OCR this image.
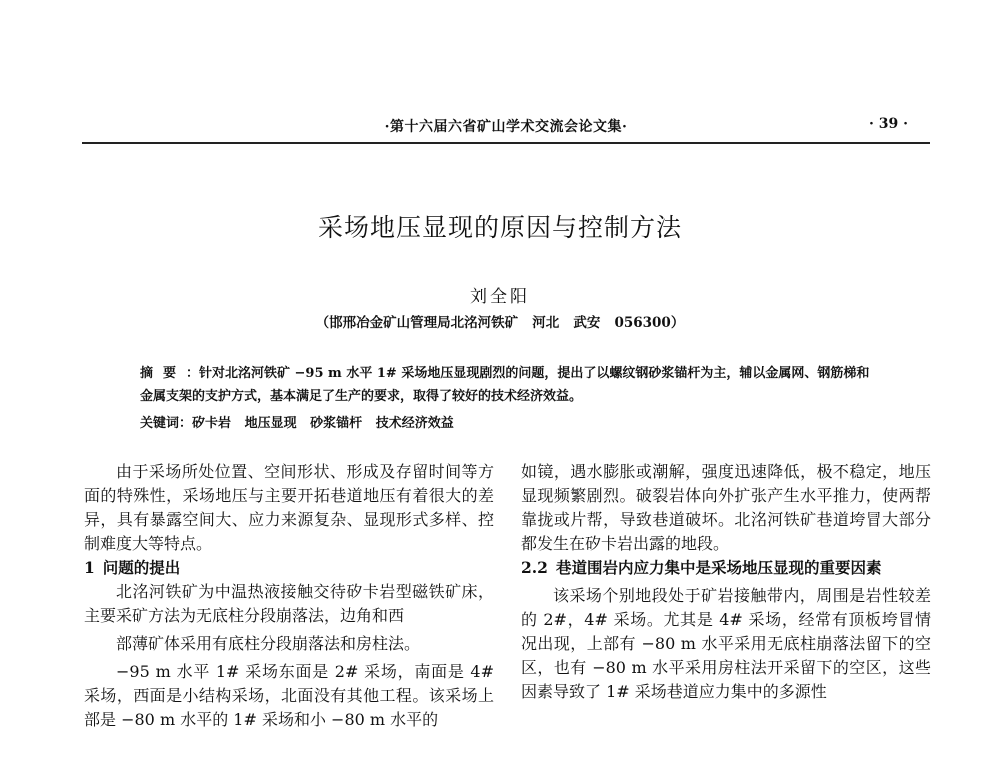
·第十六届六省矿山学术交流会论文集·	· 39 ·
采场地压显现的原因与控制方法
刘全阳
（邯邢冶金矿山管理局北洺河铁矿   河北   武安   056300）
摘要：针对北洺河铁矿 −95 m 水平 1# 采场地压显现剧烈的问题，提出了以螺纹钢砂浆锚杆为主，辅以金属网、钢筋梯和金属支架的支护方式，基本满足了生产的要求，取得了较好的技术经济效益。
关键词：矽卡岩   地压显现   砂浆锚杆   技术经济效益

由于采场所处位置、空间形状、形成及存留时间等方面的特殊性，采场地压与主要开拓巷道地压有着很大的差异，具有暴露空间大、应力来源复杂、显现形式多样、控制难度大等特点。

1 问题的提出

北洺河铁矿为中温热液接触交待矽卡岩型磁铁矿床，主要采矿方法为无底柱分段崩落法，边角和西

部薄矿体采用有底柱分段崩落法和房柱法。

−95 m 水平 1# 采场东面是 2# 采场，南面是 4# 采场，西面是小结构采场，北面没有其他工程。该采场上部是 −80 m 水平的 1# 采场和小 −80 m 水平的

如镜，遇水膨胀或潮解，强度迅速降低，极不稳定，地压显现频繁剧烈。破裂岩体向外扩张产生水平推力，使两帮靠拢或片帮，导致巷道破坏。北洺河铁矿巷道垮冒大部分都发生在矽卡岩出露的地段。

2.2 巷道围岩内应力集中是采场地压显现的重要因素

该采场个别地段处于矿岩接触带内，周围是岩性较差的 2#，4# 采场。尤其是 4# 采场，经常有顶板垮冒情况出现，上部有 −80 m 水平采用无底柱崩落法留下的空区，也有 −80 m 水平采用房柱法开采留下的空区，这些因素导致了 1# 采场巷道应力集中的多源性
